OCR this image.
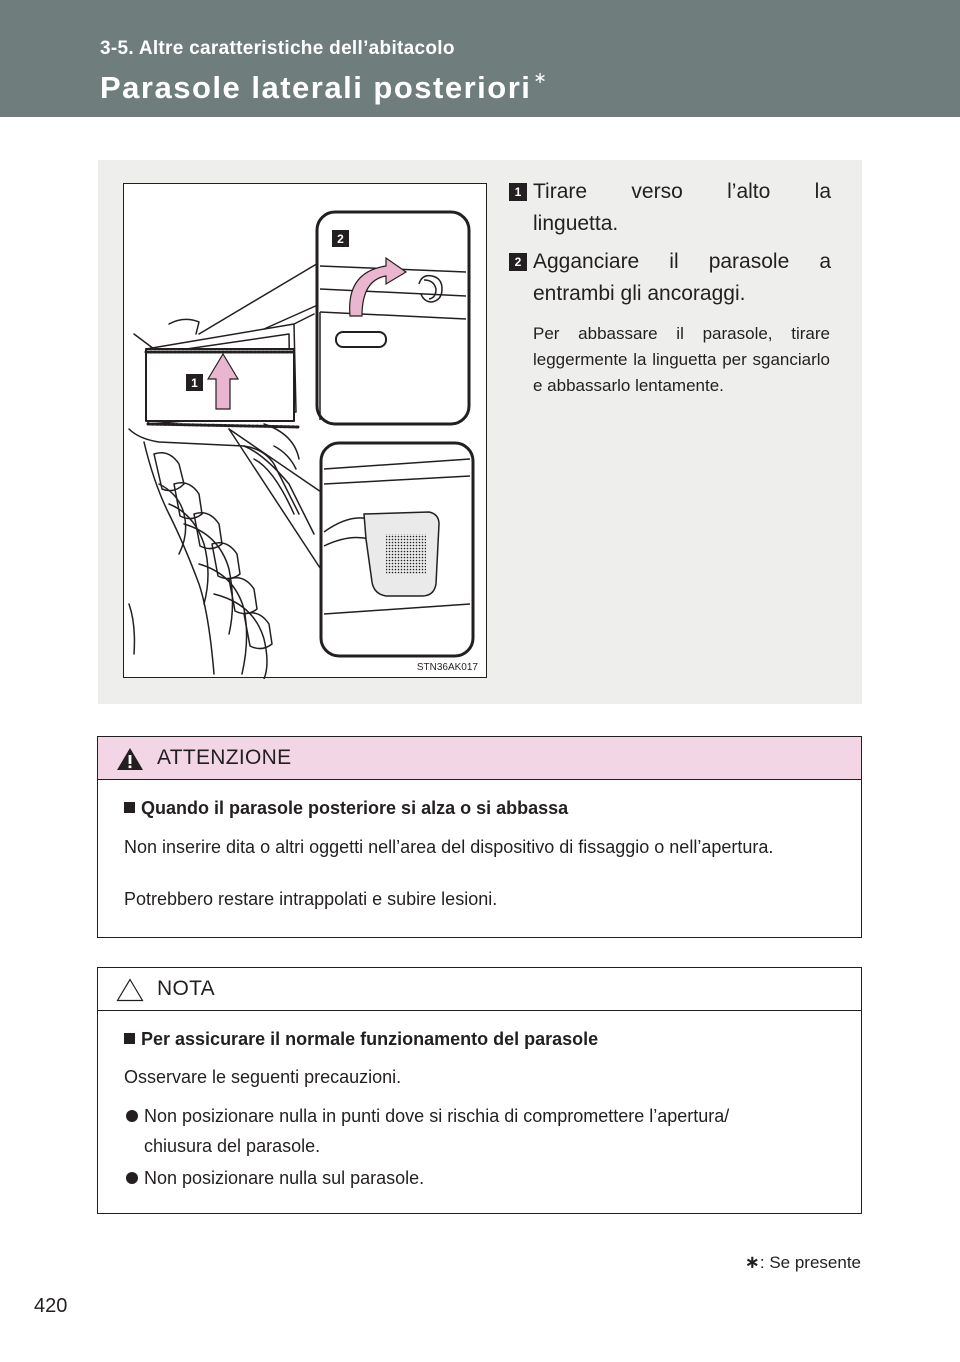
3-5. Altre caratteristiche dell’abitacolo
Parasole laterali posteriori ∗
1
2
STN36AK017
1 Tirare verso l’alto la
linguetta.
2 Agganciare il parasole a
entrambi gli ancoraggi.
Per abbassare il parasole, tirare leggermente la linguetta per sganciarlo e abbassarlo lentamente.
ATTENZIONE
Quando il parasole posteriore si alza o si abbassa
Non inserire dita o altri oggetti nell’area del dispositivo di fissaggio o nell’apertura.
Potrebbero restare intrappolati e subire lesioni.
NOTA
Per assicurare il normale funzionamento del parasole
Osservare le seguenti precauzioni.
Non posizionare nulla in punti dove si rischia di compromettere l’apertura/
chiusura del parasole.
Non posizionare nulla sul parasole.
∗: Se presente
420
